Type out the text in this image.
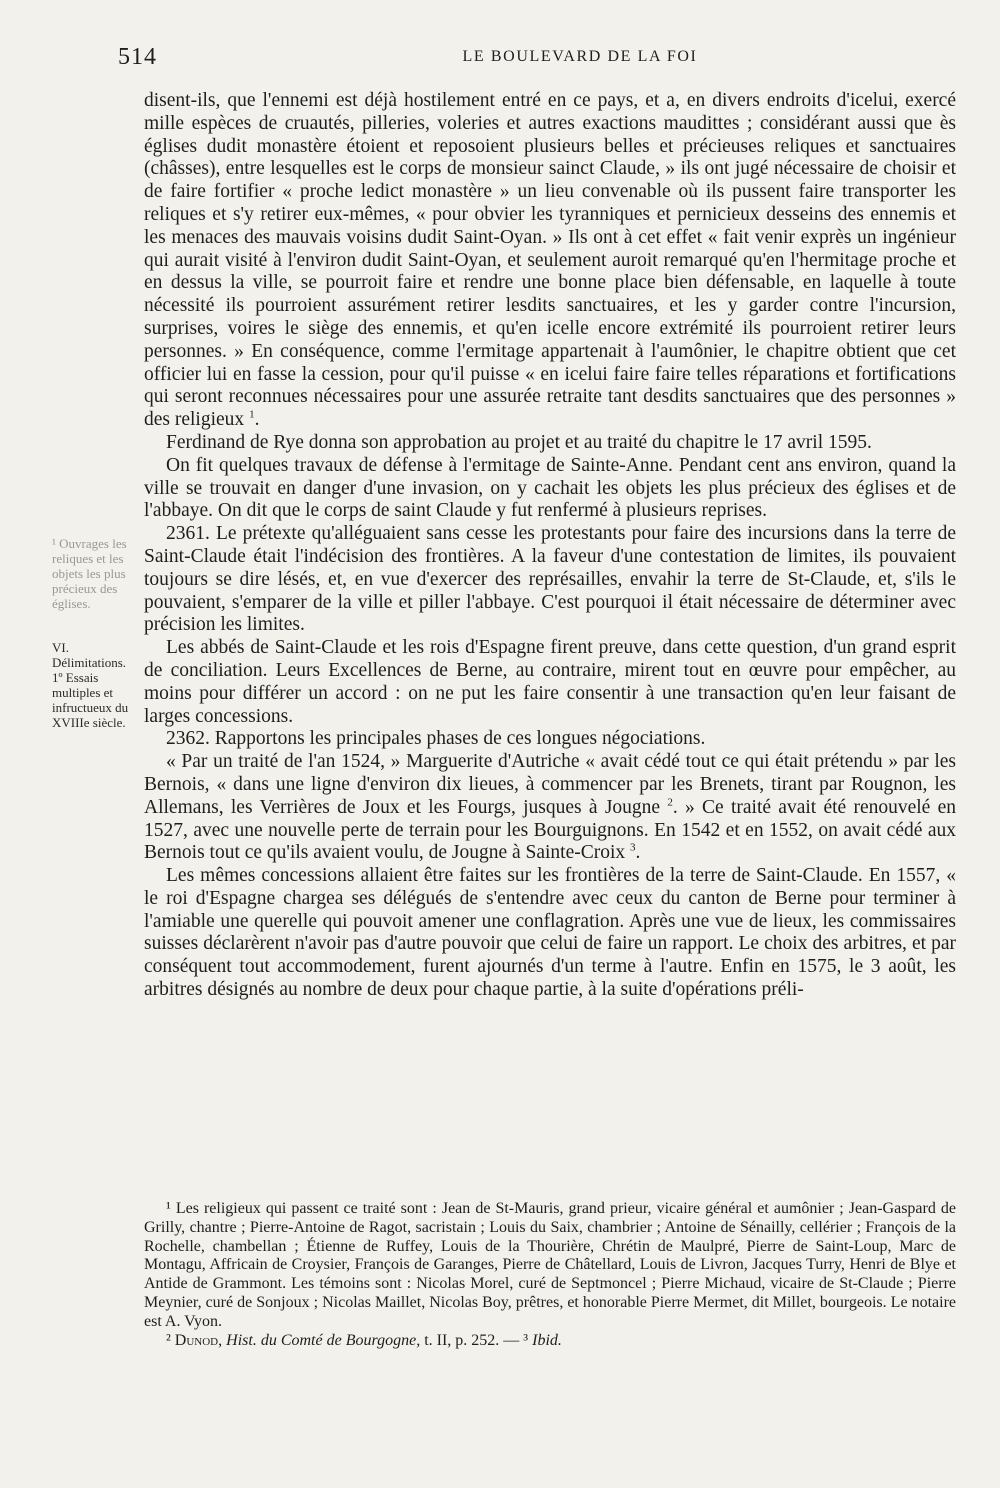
514	LE BOULEVARD DE LA FOI
¹ Ouvrages les reliques et les objets les plus précieux des églises.
VI. Délimitations.
1º Essais multiples et infructueux du XVIIIe siècle.

disent-ils, que l'ennemi est déjà hostilement entré en ce pays, et a, en divers endroits d'icelui, exercé mille espèces de cruautés, pilleries, voleries et autres exactions maudittes ; considérant aussi que ès églises dudit monastère étoient et reposoient plusieurs belles et précieuses reliques et sanctuaires (châsses), entre lesquelles est le corps de monsieur sainct Claude, » ils ont jugé nécessaire de choisir et de faire fortifier « proche ledict monastère » un lieu convenable où ils pussent faire transporter les reliques et s'y retirer eux-mêmes, « pour obvier les tyranniques et pernicieux desseins des ennemis et les menaces des mauvais voisins dudit Saint-Oyan. » Ils ont à cet effet « fait venir exprès un ingénieur qui aurait visité à l'environ dudit Saint-Oyan, et seulement auroit remarqué qu'en l'hermitage proche et en dessus la ville, se pourroit faire et rendre une bonne place bien défensable, en laquelle à toute nécessité ils pourroient assurément retirer lesdits sanctuaires, et les y garder contre l'incursion, surprises, voires le siège des ennemis, et qu'en icelle encore extrémité ils pourroient retirer leurs personnes. » En conséquence, comme l'ermitage appartenait à l'aumônier, le chapitre obtient que cet officier lui en fasse la cession, pour qu'il puisse « en icelui faire faire telles réparations et fortifications qui seront reconnues nécessaires pour une assurée retraite tant desdits sanctuaires que des personnes » des religieux $^1$.

Ferdinand de Rye donna son approbation au projet et au traité du chapitre le 17 avril 1595.

On fit quelques travaux de défense à l'ermitage de Sainte-Anne. Pendant cent ans environ, quand la ville se trouvait en danger d'une invasion, on y cachait les objets les plus précieux des églises et de l'abbaye. On dit que le corps de saint Claude y fut renfermé à plusieurs reprises.

2361. Le prétexte qu'alléguaient sans cesse les protestants pour faire des incursions dans la terre de Saint-Claude était l'indécision des frontières. A la faveur d'une contestation de limites, ils pouvaient toujours se dire lésés, et, en vue d'exercer des représailles, envahir la terre de St-Claude, et, s'ils le pouvaient, s'emparer de la ville et piller l'abbaye. C'est pourquoi il était nécessaire de déterminer avec précision les limites.

Les abbés de Saint-Claude et les rois d'Espagne firent preuve, dans cette question, d'un grand esprit de conciliation. Leurs Excellences de Berne, au contraire, mirent tout en œuvre pour empêcher, au moins pour différer un accord : on ne put les faire consentir à une transaction qu'en leur faisant de larges concessions.

2362. Rapportons les principales phases de ces longues négociations.

« Par un traité de l'an 1524, » Marguerite d'Autriche « avait cédé tout ce qui était prétendu » par les Bernois, « dans une ligne d'environ dix lieues, à commencer par les Brenets, tirant par Rougnon, les Allemans, les Verrières de Joux et les Fourgs, jusques à Jougne $^2$. » Ce traité avait été renouvelé en 1527, avec une nouvelle perte de terrain pour les Bourguignons. En 1542 et en 1552, on avait cédé aux Bernois tout ce qu'ils avaient voulu, de Jougne à Sainte-Croix $^3$.

Les mêmes concessions allaient être faites sur les frontières de la terre de Saint-Claude. En 1557, « le roi d'Espagne chargea ses délégués de s'entendre avec ceux du canton de Berne pour terminer à l'amiable une querelle qui pouvoit amener une conflagration. Après une vue de lieux, les commissaires suisses déclarèrent n'avoir pas d'autre pouvoir que celui de faire un rapport. Le choix des arbitres, et par conséquent tout accommodement, furent ajournés d'un terme à l'autre. Enfin en 1575, le 3 août, les arbitres désignés au nombre de deux pour chaque partie, à la suite d'opérations préli-

¹ Les religieux qui passent ce traité sont : Jean de St-Mauris, grand prieur, vicaire général et aumônier ; Jean-Gaspard de Grilly, chantre ; Pierre-Antoine de Ragot, sacristain ; Louis du Saix, chambrier ; Antoine de Sénailly, cellérier ; François de la Rochelle, chambellan ; Étienne de Ruffey, Louis de la Thourière, Chrétin de Maulpré, Pierre de Saint-Loup, Marc de Montagu, Affricain de Croysier, François de Garanges, Pierre de Châtellard, Louis de Livron, Jacques Turry, Henri de Blye et Antide de Grammont. Les témoins sont : Nicolas Morel, curé de Septmoncel ; Pierre Michaud, vicaire de St-Claude ; Pierre Meynier, curé de Sonjoux ; Nicolas Maillet, Nicolas Boy, prêtres, et honorable Pierre Mermet, dit Millet, bourgeois. Le notaire est A. Vyon.

² Dunod, Hist. du Comté de Bourgogne, t. II, p. 252. — ³ Ibid.
